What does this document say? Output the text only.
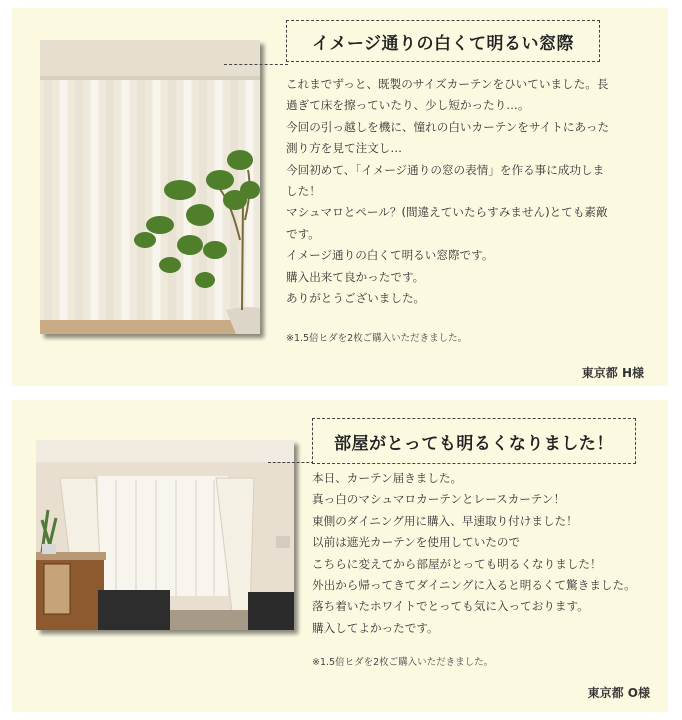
イメージ通りの白くて明るい窓際

これまでずっと、既製のサイズカーテンをひいていました。長

過ぎて床を擦っていたり、少し短かったり…。

今回の引っ越しを機に、憧れの白いカーテンをサイトにあった

測り方を見て注文し…

今回初めて、「イメージ通りの窓の表情」を作る事に成功しま

した！

マシュマロとペール？(間違えていたらすみません)とても素敵

です。

イメージ通りの白くて明るい窓際です。

購入出来て良かったです。

ありがとうございました。

※1.5倍ヒダを2枚ご購入いただきました。
東京都 H様
部屋がとっても明るくなりました！

本日、カーテン届きました。

真っ白のマシュマロカーテンとレースカーテン！

東側のダイニング用に購入、早速取り付けました！

以前は遮光カーテンを使用していたので

こちらに変えてから部屋がとっても明るくなりました！

外出から帰ってきてダイニングに入ると明るくて驚きました。

落ち着いたホワイトでとっても気に入っております。

購入してよかったです。

※1.5倍ヒダを2枚ご購入いただきました。
東京都 O様
